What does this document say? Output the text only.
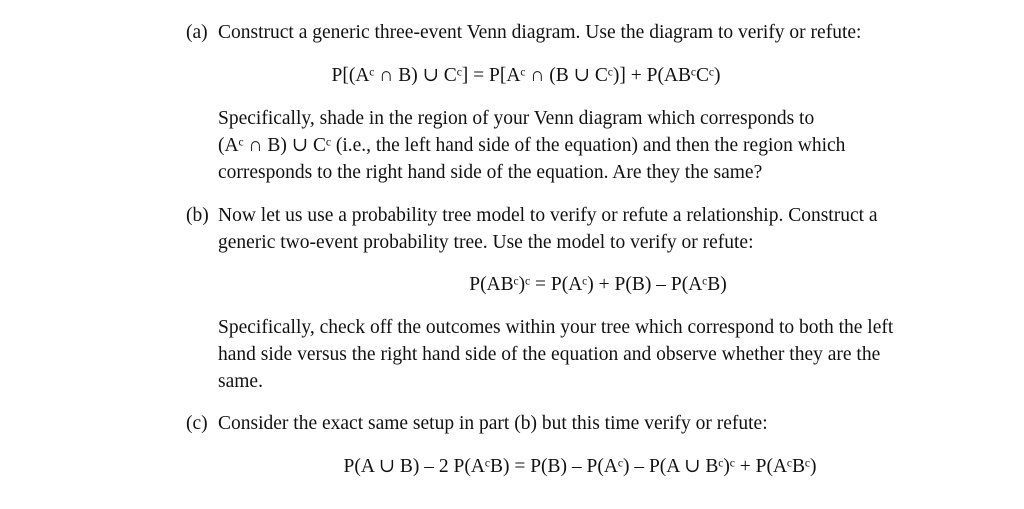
(a) Construct a generic three-event Venn diagram. Use the diagram to verify or refute:
P[(Aᶜ ∩ B) ∪ Cᶜ] = P[Aᶜ ∩ (B ∪ Cᶜ)] + P(ABᶜCᶜ)
Specifically, shade in the region of your Venn diagram which corresponds to
(Aᶜ ∩ B) ∪ Cᶜ (i.e., the left hand side of the equation) and then the region which
corresponds to the right hand side of the equation. Are they the same?
(b) Now let us use a probability tree model to verify or refute a relationship. Construct a
generic two-event probability tree. Use the model to verify or refute:
P(ABᶜ)ᶜ = P(Aᶜ) + P(B) – P(AᶜB)
Specifically, check off the outcomes within your tree which correspond to both the left
hand side versus the right hand side of the equation and observe whether they are the
same.
(c) Consider the exact same setup in part (b) but this time verify or refute:
P(A ∪ B) – 2 P(AᶜB) = P(B) – P(Aᶜ) – P(A ∪ Bᶜ)ᶜ + P(AᶜBᶜ)
